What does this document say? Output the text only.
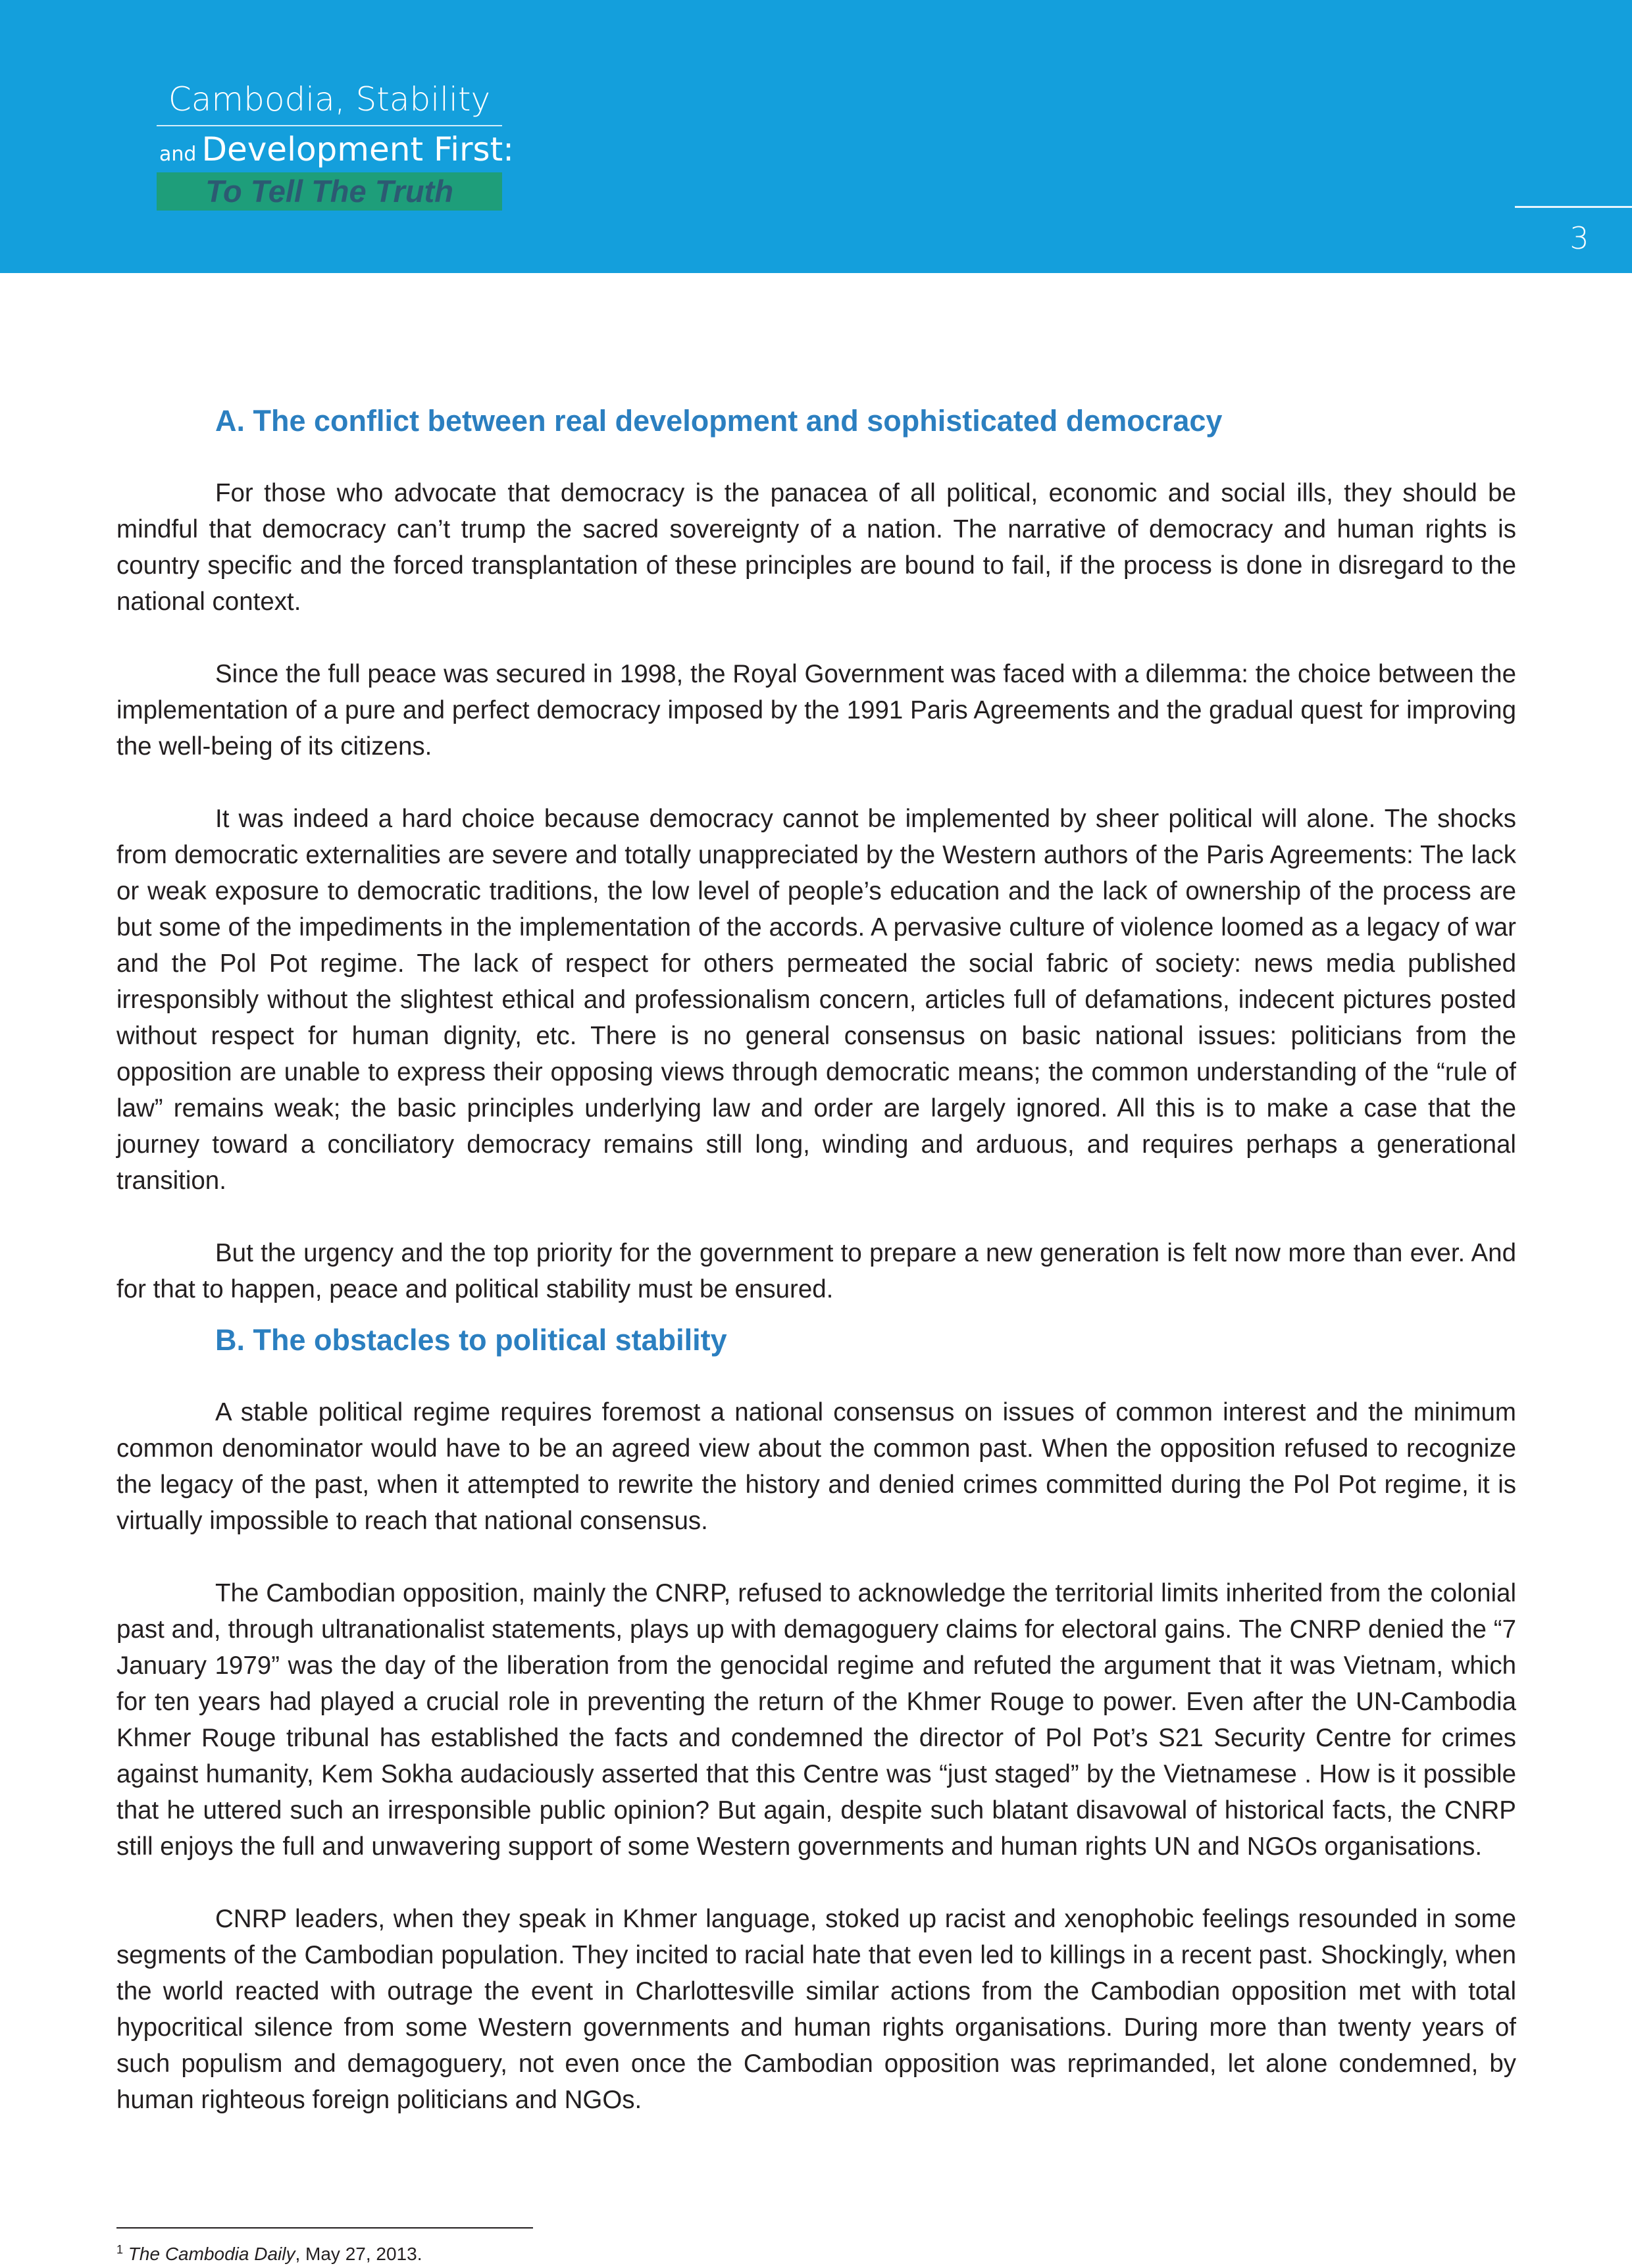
Cambodia, Stability
and Development First:
To Tell The Truth
3
A. The conflict between real development and sophisticated democracy

For those who advocate that democracy is the panacea of all political, economic and social ills, they should be mindful that democracy can’t trump the sacred sovereignty of a nation. The narrative of democracy and human rights is country specific and the forced transplantation of these principles are bound to fail, if the process is done in disregard to the national context.

Since the full peace was secured in 1998, the Royal Government was faced with a dilemma: the choice between the implementation of a pure and perfect democracy imposed by the 1991 Paris Agreements and the gradual quest for improving the well-being of its citizens.

It was indeed a hard choice because democracy cannot be implemented by sheer political will alone. The shocks from democratic externalities are severe and totally unappreciated by the Western authors of the Paris Agreements: The lack or weak exposure to democratic traditions, the low level of people’s education and the lack of ownership of the process are but some of the impediments in the implementation of the accords. A pervasive culture of violence loomed as a legacy of war and the Pol Pot regime. The lack of respect for others permeated the social fabric of society: news media published irresponsibly without the slightest ethical and professionalism concern, articles full of defamations, indecent pictures posted without respect for human dignity, etc. There is no general consensus on basic national issues: politicians from the opposition are unable to express their opposing views through democratic means; the common understanding of the “rule of law” remains weak; the basic principles underlying law and order are largely ignored. All this is to make a case that the journey toward a conciliatory democracy remains still long, winding and arduous, and requires perhaps a generational transition.

But the urgency and the top priority for the government to prepare a new generation is felt now more than ever. And for that to happen, peace and political stability must be ensured.

B. The obstacles to political stability

A stable political regime requires foremost a national consensus on issues of common interest and the minimum common denominator would have to be an agreed view about the common past. When the opposition refused to recognize the legacy of the past, when it attempted to rewrite the history and denied crimes committed during the Pol Pot regime, it is virtually impossible to reach that national consensus.

The Cambodian opposition, mainly the CNRP, refused to acknowledge the territorial limits inherited from the colonial past and, through ultranationalist statements, plays up with demagoguery claims for electoral gains. The CNRP denied the “7 January 1979” was the day of the liberation from the genocidal regime and refuted the argument that it was Vietnam, which for ten years had played a crucial role in preventing the return of the Khmer Rouge to power. Even after the UN-Cambodia Khmer Rouge tribunal has established the facts and condemned the director of Pol Pot’s S21 Security Centre for crimes against humanity, Kem Sokha audaciously asserted that this Centre was “just staged” by the Vietnamese . How is it possible that he uttered such an irresponsible public opinion? But again, despite such blatant disavowal of historical facts, the CNRP still enjoys the full and unwavering support of some Western governments and human rights UN and NGOs organisations.

CNRP leaders, when they speak in Khmer language, stoked up racist and xenophobic feelings resounded in some segments of the Cambodian population. They incited to racial hate that even led to killings in a recent past. Shockingly, when the world reacted with outrage the event in Charlottesville similar actions from the Cambodian opposition met with total hypocritical silence from some Western governments and human rights organisations. During more than twenty years of such populism and demagoguery, not even once the Cambodian opposition was reprimanded, let alone condemned, by human righteous foreign politicians and NGOs.

$^1$ The Cambodia Daily, May 27, 2013.
